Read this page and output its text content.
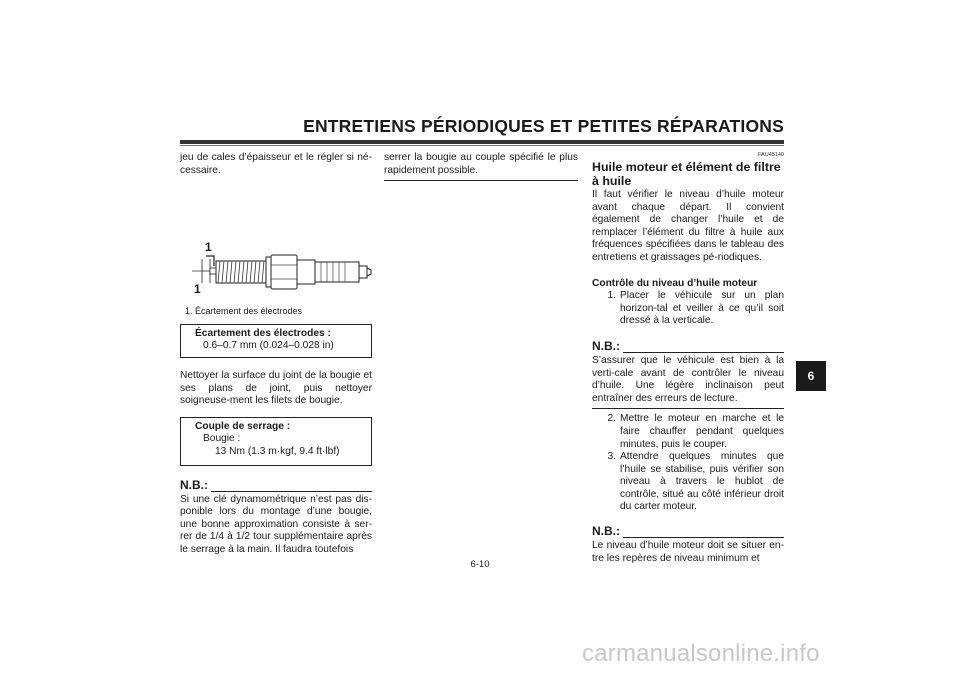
ENTRETIENS PÉRIODIQUES ET PETITES RÉPARATIONS

jeu de cales d’épaisseur et le régler si né-cessaire.

1
1

1. Écartement des électrodes

Écartement des électrodes :
0.6–0.7 mm (0.024–0.028 in)

Nettoyer la surface du joint de la bougie et ses plans de joint, puis nettoyer soigneuse-ment les filets de bougie.

Couple de serrage :
Bougie :
13 Nm (1.3 m·kgf, 9.4 ft·lbf)
N.B.:

Si une clé dynamométrique n’est pas dis-ponible lors du montage d’une bougie, une bonne approximation consiste à ser-rer de 1/4 à 1/2 tour supplémentaire après le serrage à la main. Il faudra toutefois

serrer la bougie au couple spécifié le plus rapidement possible.

FAU45140
Huile moteur et élément de filtre à huile

Il faut vérifier le niveau d’huile moteur avant chaque départ. Il convient également de changer l’huile et de remplacer l’élément du filtre à huile aux fréquences spécifiées dans le tableau des entretiens et graissages pé-riodiques.

Contrôle du niveau d’huile moteur
1. Placer le véhicule sur un plan horizon-tal et veiller à ce qu’il soit dressé à la verticale.
N.B.:

S’assurer que le véhicule est bien à la verti-cale avant de contrôler le niveau d’huile. Une légère inclinaison peut entraîner des erreurs de lecture.

2. Mettre le moteur en marche et le faire chauffer pendant quelques minutes, puis le couper.
3. Attendre quelques minutes que l’huile se stabilise, puis vérifier son niveau à travers le hublot de contrôle, situé au côté inférieur droit du carter moteur.
N.B.:

Le niveau d’huile moteur doit se situer en-tre les repères de niveau minimum et

6
6-10
carmanualsonline.info
